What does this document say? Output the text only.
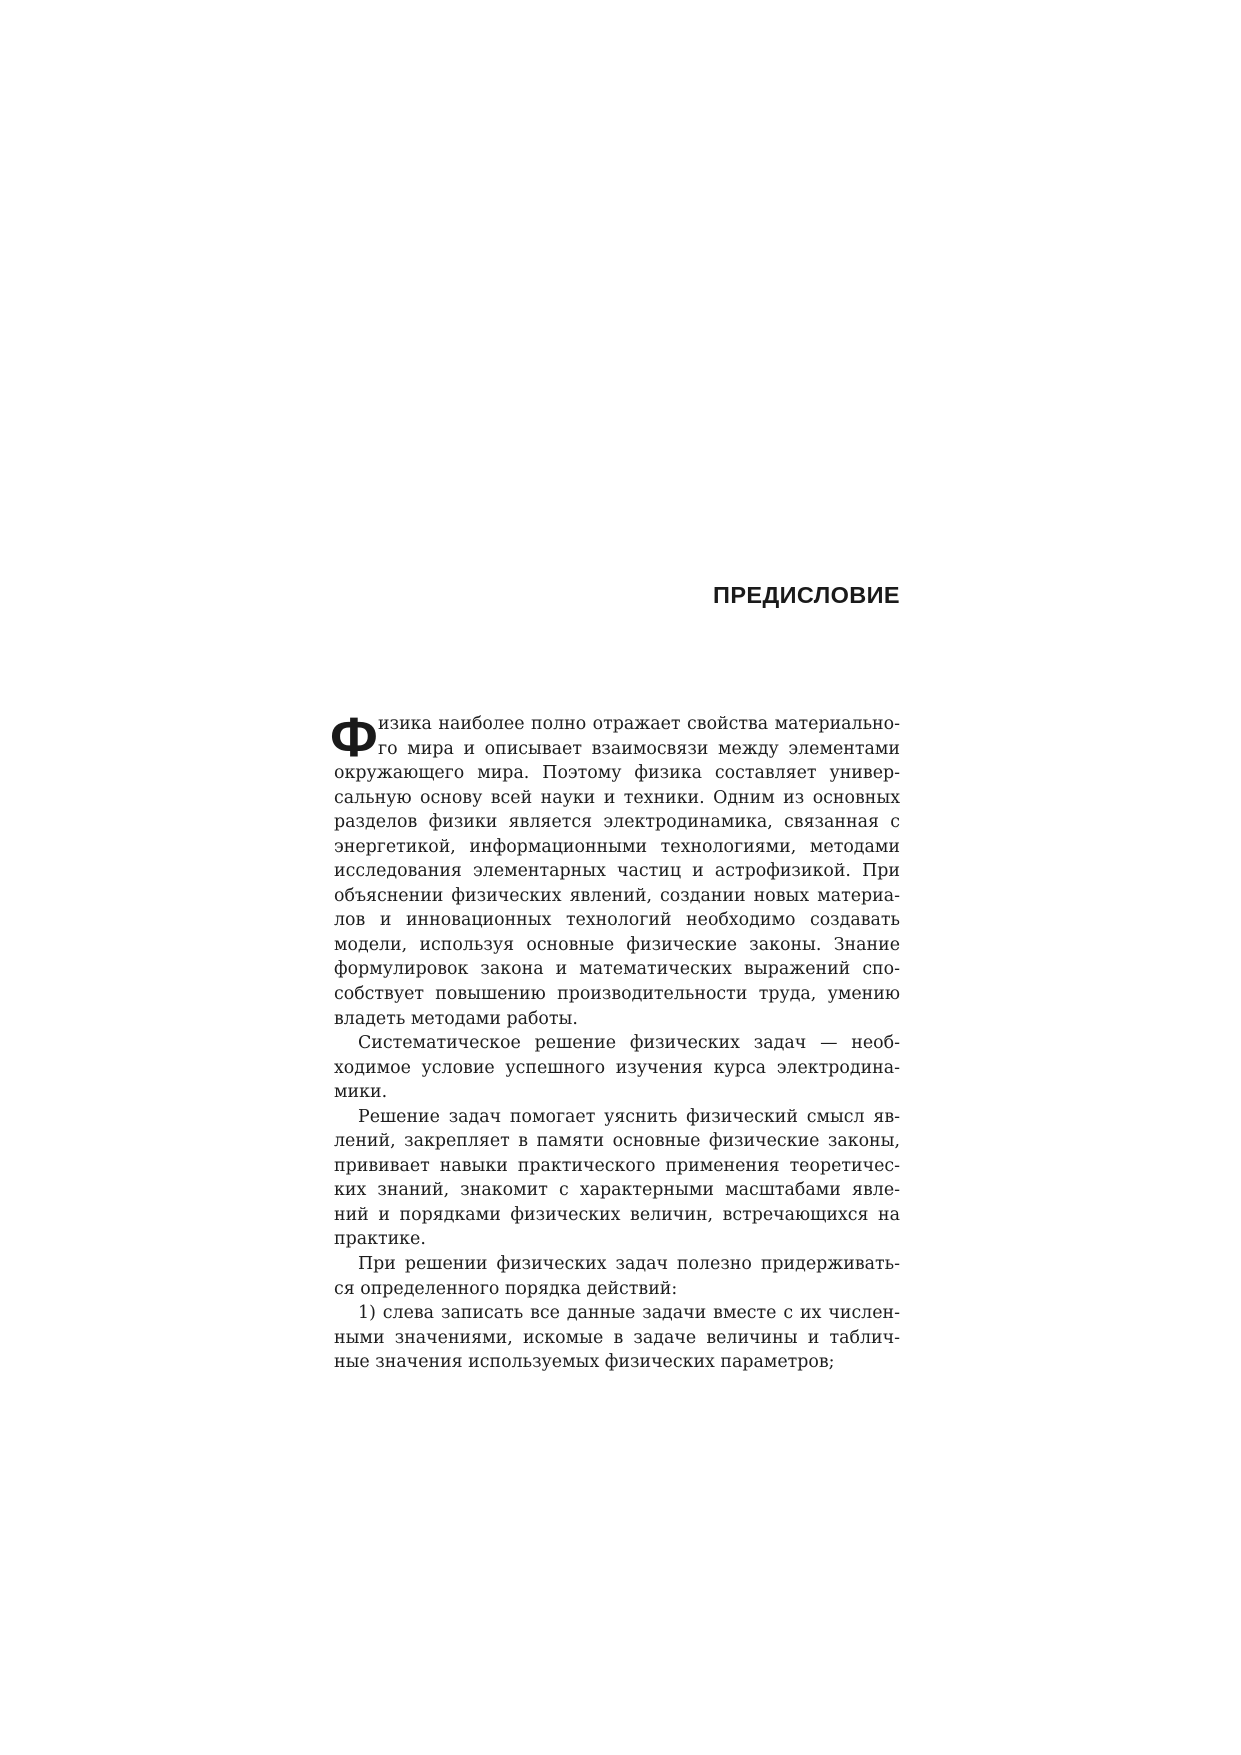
ПРЕДИСЛОВИЕ
Ф изика наиболее полно отражает свойства материально-
го мира и описывает взаимосвязи между элементами
окружающего мира. Поэтому физика составляет универ-
сальную основу всей науки и техники. Одним из основных
разделов физики является электродинамика, связанная с
энергетикой, информационными технологиями, методами
исследования элементарных частиц и астрофизикой. При
объяснении физических явлений, создании новых материа-
лов и инновационных технологий необходимо создавать
модели, используя основные физические законы. Знание
формулировок закона и математических выражений спо-
собствует повышению производительности труда, умению
владеть методами работы.
Систематическое решение физических задач — необ-
ходимое условие успешного изучения курса электродина-
мики.
Решение задач помогает уяснить физический смысл яв-
лений, закрепляет в памяти основные физические законы,
прививает навыки практического применения теоретичес-
ких знаний, знакомит с характерными масштабами явле-
ний и порядками физических величин, встречающихся на
практике.
При решении физических задач полезно придерживать-
ся определенного порядка действий:
1) слева записать все данные задачи вместе с их числен-
ными значениями, искомые в задаче величины и таблич-
ные значения используемых физических параметров;
